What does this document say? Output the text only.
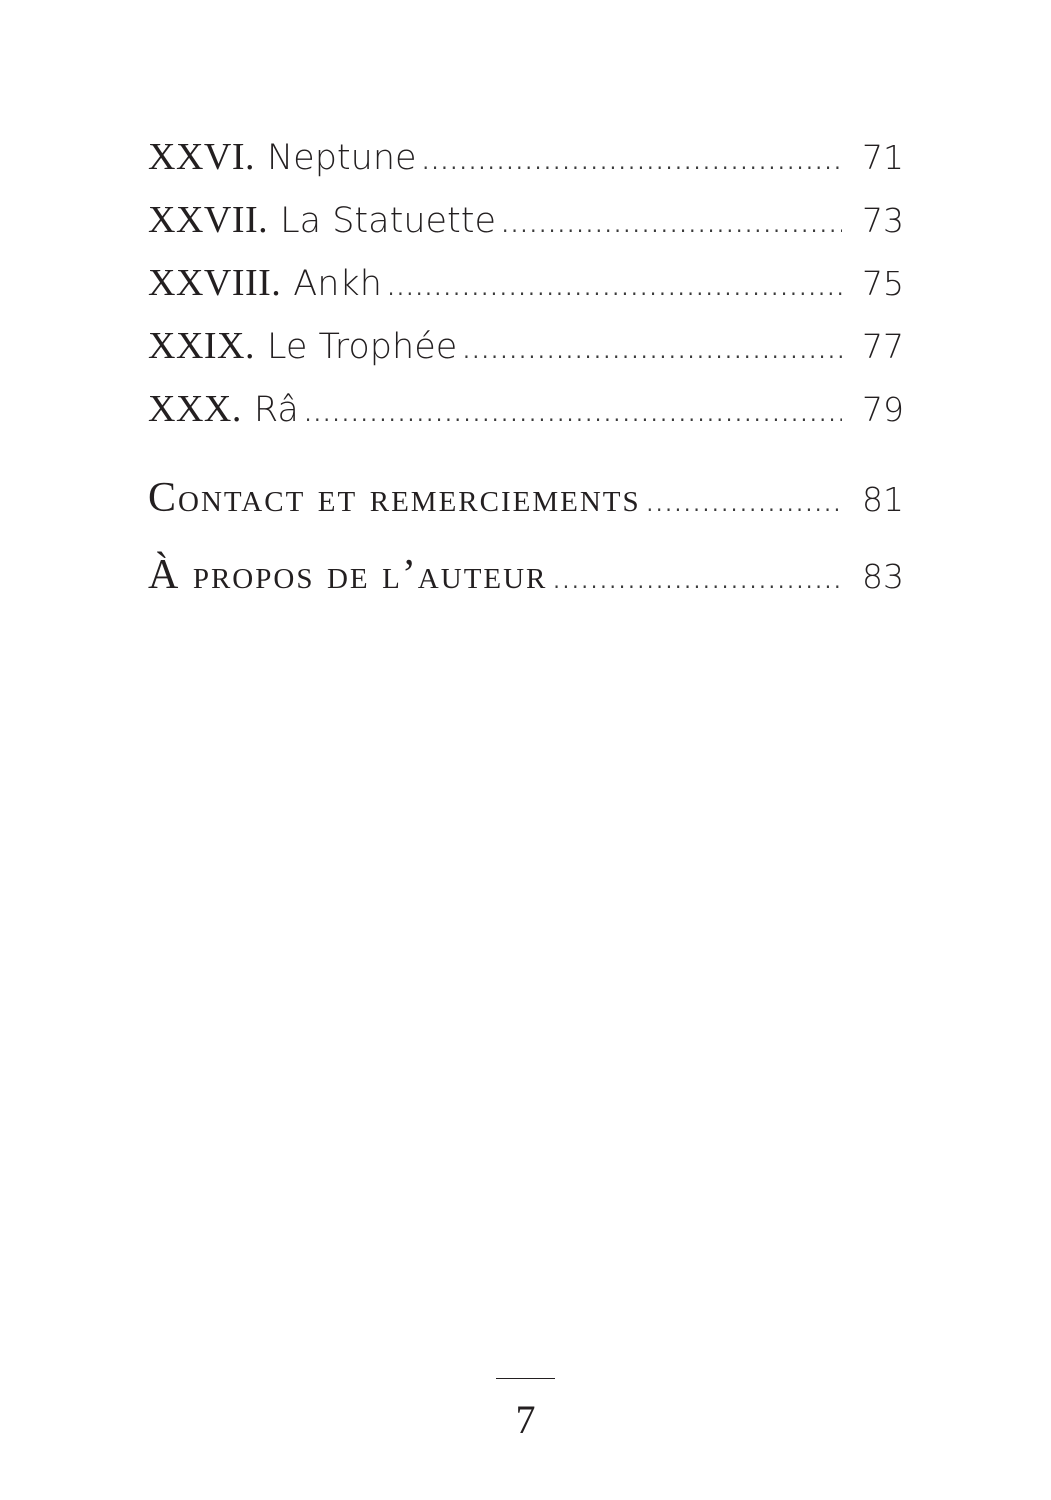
XXVI. Neptune .....	71
XXVII. La Statuette .....	73
XXVIII. Ankh .....	75
XXIX. Le Trophée .....	77
XXX. Râ .....	79
Contact et remerciements .....	81
À propos de l’auteur .....	83
7
